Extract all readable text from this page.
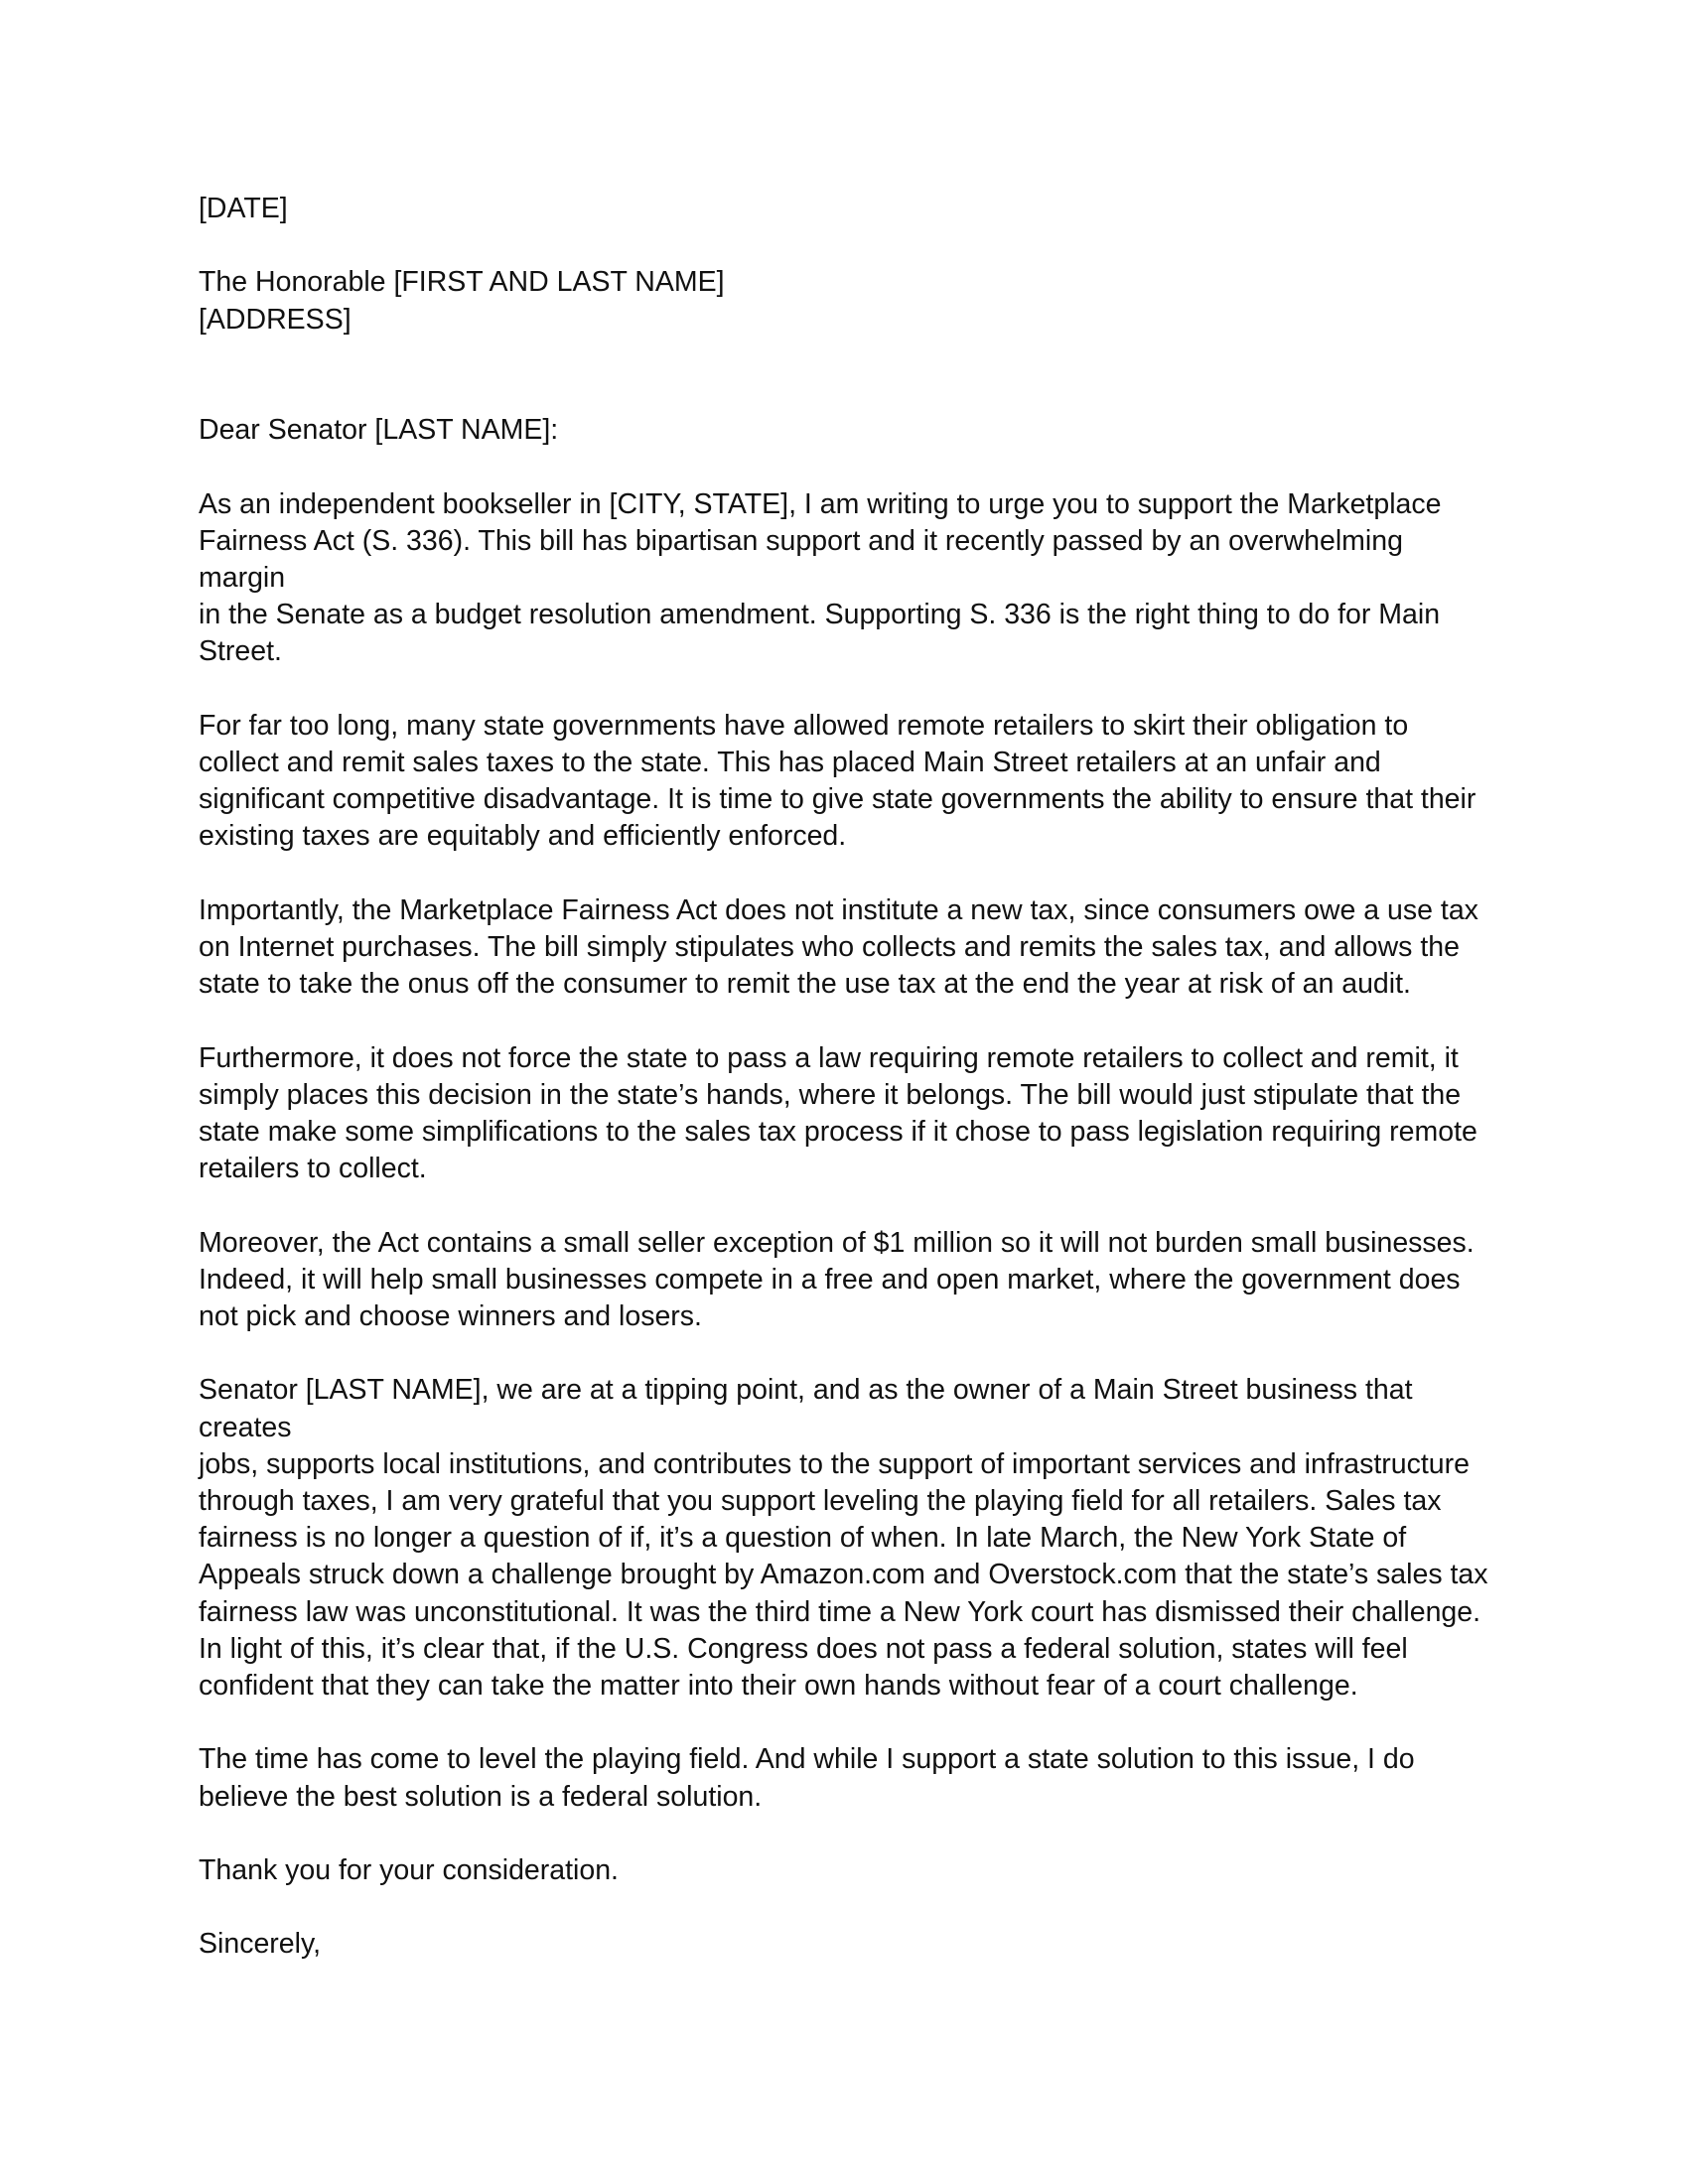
[DATE]

The Honorable [FIRST AND LAST NAME]

[ADDRESS]

Dear Senator [LAST NAME]:

As an independent bookseller in [CITY, STATE], I am writing to urge you to support the Marketplace
Fairness Act (S. 336). This bill has bipartisan support and it recently passed by an overwhelming margin
in the Senate as a budget resolution amendment. Supporting S. 336 is the right thing to do for Main
Street.

For far too long, many state governments have allowed remote retailers to skirt their obligation to
collect and remit sales taxes to the state. This has placed Main Street retailers at an unfair and
significant competitive disadvantage. It is time to give state governments the ability to ensure that their
existing taxes are equitably and efficiently enforced.

Importantly, the Marketplace Fairness Act does not institute a new tax, since consumers owe a use tax
on Internet purchases. The bill simply stipulates who collects and remits the sales tax, and allows the
state to take the onus off the consumer to remit the use tax at the end the year at risk of an audit.

Furthermore, it does not force the state to pass a law requiring remote retailers to collect and remit, it
simply places this decision in the state’s hands, where it belongs. The bill would just stipulate that the
state make some simplifications to the sales tax process if it chose to pass legislation requiring remote
retailers to collect.

Moreover, the Act contains a small seller exception of $1 million so it will not burden small businesses.
Indeed, it will help small businesses compete in a free and open market, where the government does
not pick and choose winners and losers.

Senator [LAST NAME], we are at a tipping point, and as the owner of a Main Street business that creates
jobs, supports local institutions, and contributes to the support of important services and infrastructure
through taxes, I am very grateful that you support leveling the playing field for all retailers. Sales tax
fairness is no longer a question of if, it’s a question of when. In late March, the New York State of
Appeals struck down a challenge brought by Amazon.com and Overstock.com that the state’s sales tax
fairness law was unconstitutional. It was the third time a New York court has dismissed their challenge.
In light of this, it’s clear that, if the U.S. Congress does not pass a federal solution, states will feel
confident that they can take the matter into their own hands without fear of a court challenge.

The time has come to level the playing field. And while I support a state solution to this issue, I do
believe the best solution is a federal solution.

Thank you for your consideration.

Sincerely,
